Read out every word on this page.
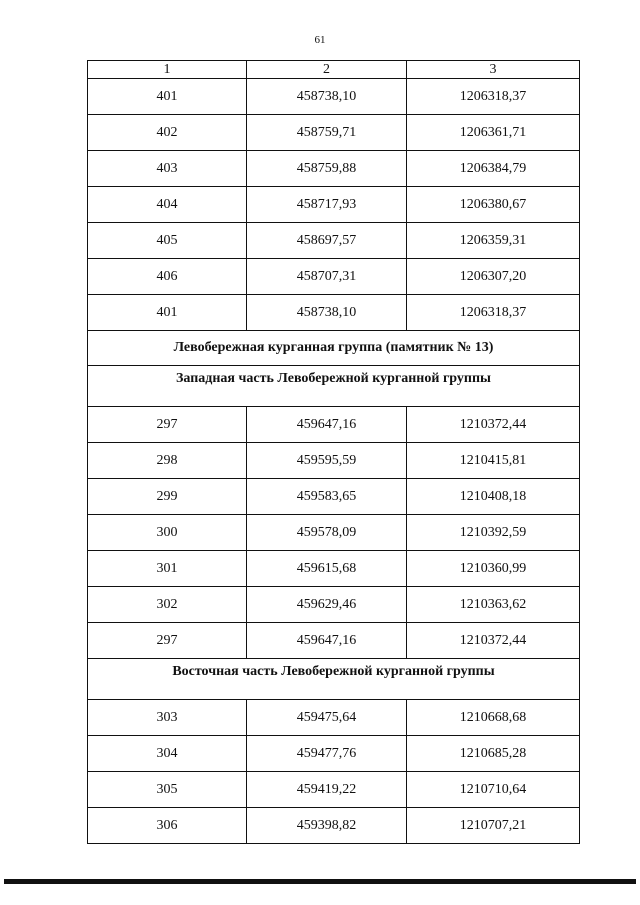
61
1	2	3
401	458738,10	1206318,37
402	458759,71	1206361,71
403	458759,88	1206384,79
404	458717,93	1206380,67
405	458697,57	1206359,31
406	458707,31	1206307,20
401	458738,10	1206318,37
Левобережная курганная группа (памятник № 13)		
Западная часть Левобережной курганной группы		
297	459647,16	1210372,44
298	459595,59	1210415,81
299	459583,65	1210408,18
300	459578,09	1210392,59
301	459615,68	1210360,99
302	459629,46	1210363,62
297	459647,16	1210372,44
Восточная часть Левобережной курганной группы		
303	459475,64	1210668,68
304	459477,76	1210685,28
305	459419,22	1210710,64
306	459398,82	1210707,21
